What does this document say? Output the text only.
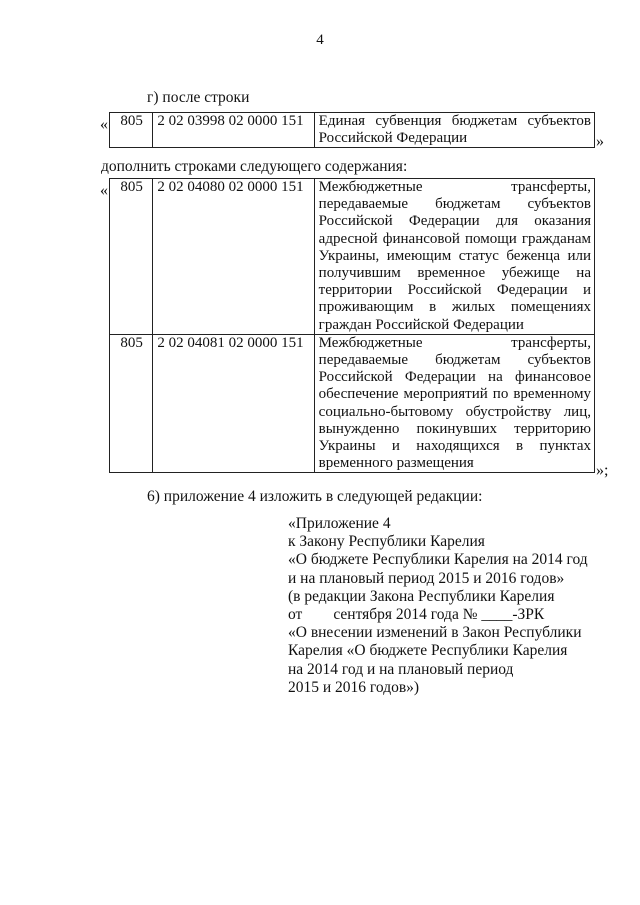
4
г) после строки
« 805	2 02 03998 02 0000 151	Единая субвенция бюджетам субъектов Российской Федерации	»
дополнить строками следующего содержания:
« 805	2 02 04080 02 0000 151	Межбюджетные трансферты, передаваемые бюджетам субъектов Российской Федерации для оказания адресной финансовой помощи гражданам Украины, имеющим статус беженца или получившим временное убежище на территории Российской Федерации и проживающим в жилых помещениях граждан Российской Федерации
805	2 02 04081 02 0000 151	Межбюджетные трансферты, передаваемые бюджетам субъектов Российской Федерации на финансовое обеспечение мероприятий по временному социально-бытовому обустройству лиц, вынужденно покинувших территорию Украины и находящихся в пунктах временного размещения	»;
6) приложение 4 изложить в следующей редакции:
«Приложение 4
к Закону Республики Карелия
«О бюджете Республики Карелия на 2014 год
и на плановый период 2015 и 2016 годов»
(в редакции Закона Республики Карелия
от        сентября 2014 года № ____-ЗРК
«О внесении изменений в Закон Республики
Карелия «О бюджете Республики Карелия
на 2014 год и на плановый период
2015 и 2016 годов»)
